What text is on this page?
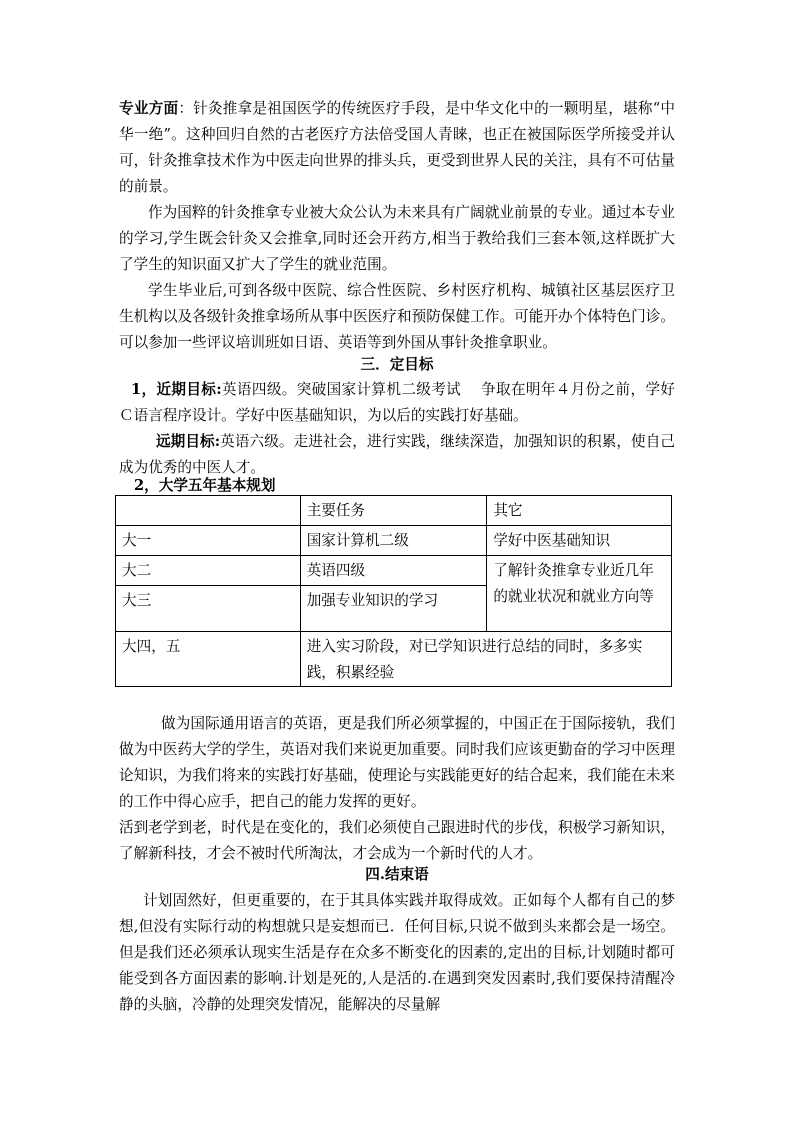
专业方面：针灸推拿是祖国医学的传统医疗手段，是中华文化中的一颗明星，堪称“中华一绝”。这种回归自然的古老医疗方法倍受国人青睐，也正在被国际医学所接受并认可，针灸推拿技术作为中医走向世界的排头兵，更受到世界人民的关注，具有不可估量的前景。
作为国粹的针灸推拿专业被大众公认为未来具有广阔就业前景的专业。通过本专业的学习,学生既会针灸又会推拿,同时还会开药方,相当于教给我们三套本领,这样既扩大了学生的知识面又扩大了学生的就业范围。
学生毕业后,可到各级中医院、综合性医院、乡村医疗机构、城镇社区基层医疗卫生机构以及各级针灸推拿场所从事中医医疗和预防保健工作。可能开办个体特色门诊。可以参加一些评议培训班如日语、英语等到外国从事针灸推拿职业。
三．定目标
1，近期目标:英语四级。突破国家计算机二级考试　 争取在明年４月份之前，学好Ｃ语言程序设计。学好中医基础知识，为以后的实践打好基础。
远期目标:英语六级。走进社会，进行实践，继续深造，加强知识的积累，使自己成为优秀的中医人才。
2，大学五年基本规划
	主要任务	其它
大一	国家计算机二级	学好中医基础知识
大二	英语四级	了解针灸推拿专业近几年的就业状况和就业方向等
大三	加强专业知识的学习	
大四，五	进入实习阶段，对已学知识进行总结的同时，多多实践，积累经验	
做为国际通用语言的英语，更是我们所必须掌握的，中国正在于国际接轨，我们做为中医药大学的学生，英语对我们来说更加重要。同时我们应该更勤奋的学习中医理论知识，为我们将来的实践打好基础，使理论与实践能更好的结合起来，我们能在未来的工作中得心应手，把自己的能力发挥的更好。
活到老学到老，时代是在变化的，我们必须使自己跟进时代的步伐，积极学习新知识，了解新科技，才会不被时代所淘汰，才会成为一个新时代的人才。
四.结束语
计划固然好，但更重要的，在于其具体实践并取得成效。正如每个人都有自己的梦想,但没有实际行动的构想就只是妄想而已．任何目标,只说不做到头来都会是一场空。但是我们还必须承认现实生活是存在众多不断变化的因素的,定出的目标,计划随时都可能受到各方面因素的影响.计划是死的,人是活的.在遇到突发因素时,我们要保持清醒冷静的头脑，冷静的处理突发情况，能解决的尽量解
